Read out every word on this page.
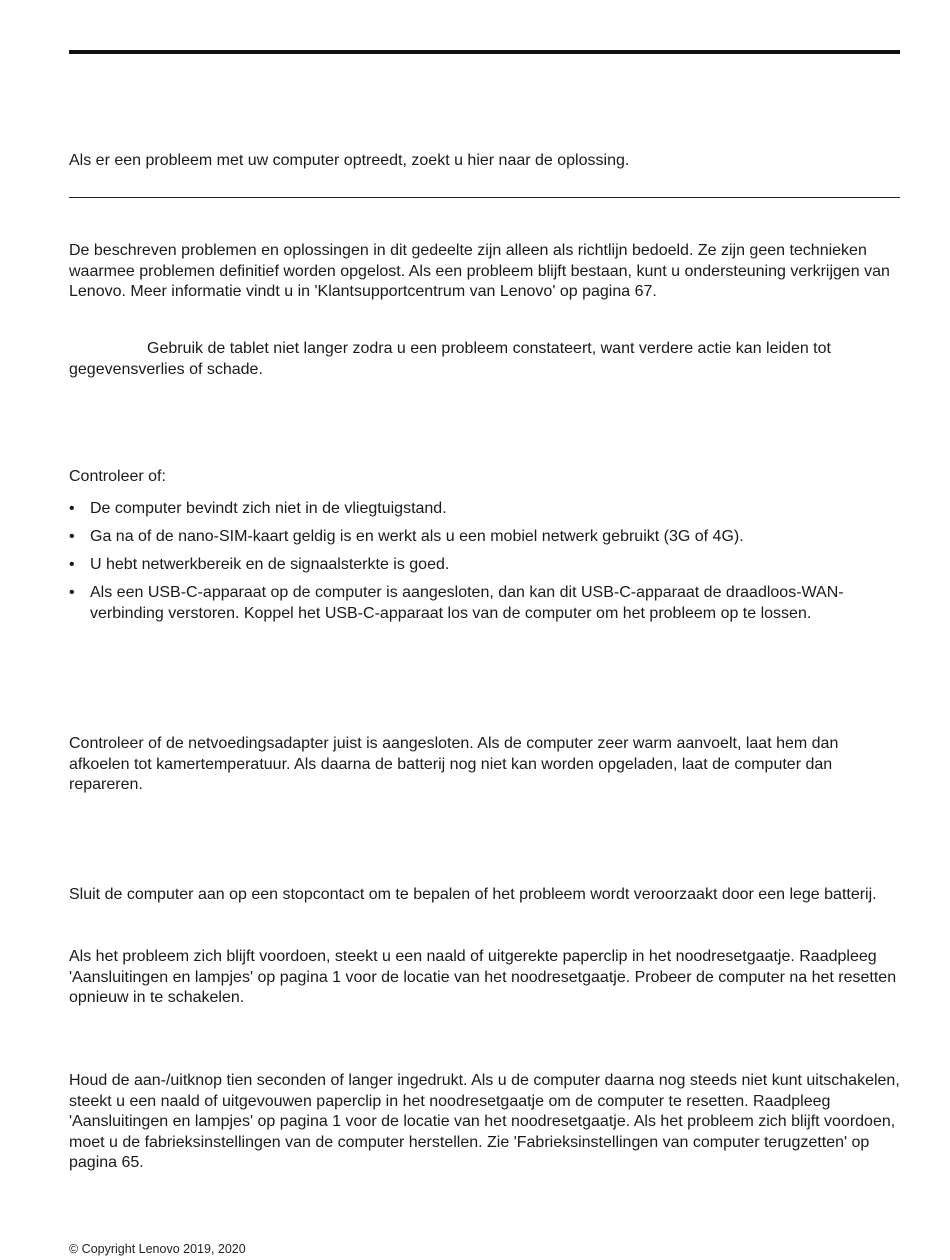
Als er een probleem met uw computer optreedt, zoekt u hier naar de oplossing.

De beschreven problemen en oplossingen in dit gedeelte zijn alleen als richtlijn bedoeld. Ze zijn geen technieken waarmee problemen definitief worden opgelost. Als een probleem blijft bestaan, kunt u ondersteuning verkrijgen van Lenovo. Meer informatie vindt u in 'Klantsupportcentrum van Lenovo' op pagina 67.

Gebruik de tablet niet langer zodra u een probleem constateert, want verdere actie kan leiden tot gegevensverlies of schade.

Controleer of:

• De computer bevindt zich niet in de vliegtuigstand.
• Ga na of de nano-SIM-kaart geldig is en werkt als u een mobiel netwerk gebruikt (3G of 4G).
• U hebt netwerkbereik en de signaalsterkte is goed.
• Als een USB-C-apparaat op de computer is aangesloten, dan kan dit USB-C-apparaat de draadloos-WAN-verbinding verstoren. Koppel het USB-C-apparaat los van de computer om het probleem op te lossen.

Controleer of de netvoedingsadapter juist is aangesloten. Als de computer zeer warm aanvoelt, laat hem dan afkoelen tot kamertemperatuur. Als daarna de batterij nog niet kan worden opgeladen, laat de computer dan repareren.

Sluit de computer aan op een stopcontact om te bepalen of het probleem wordt veroorzaakt door een lege batterij.

Als het probleem zich blijft voordoen, steekt u een naald of uitgerekte paperclip in het noodresetgaatje. Raadpleeg 'Aansluitingen en lampjes' op pagina 1 voor de locatie van het noodresetgaatje. Probeer de computer na het resetten opnieuw in te schakelen.

Houd de aan-/uitknop tien seconden of langer ingedrukt. Als u de computer daarna nog steeds niet kunt uitschakelen, steekt u een naald of uitgevouwen paperclip in het noodresetgaatje om de computer te resetten. Raadpleeg 'Aansluitingen en lampjes' op pagina 1 voor de locatie van het noodresetgaatje. Als het probleem zich blijft voordoen, moet u de fabrieksinstellingen van de computer herstellen. Zie 'Fabrieksinstellingen van computer terugzetten' op pagina 65.

© Copyright Lenovo 2019, 2020
